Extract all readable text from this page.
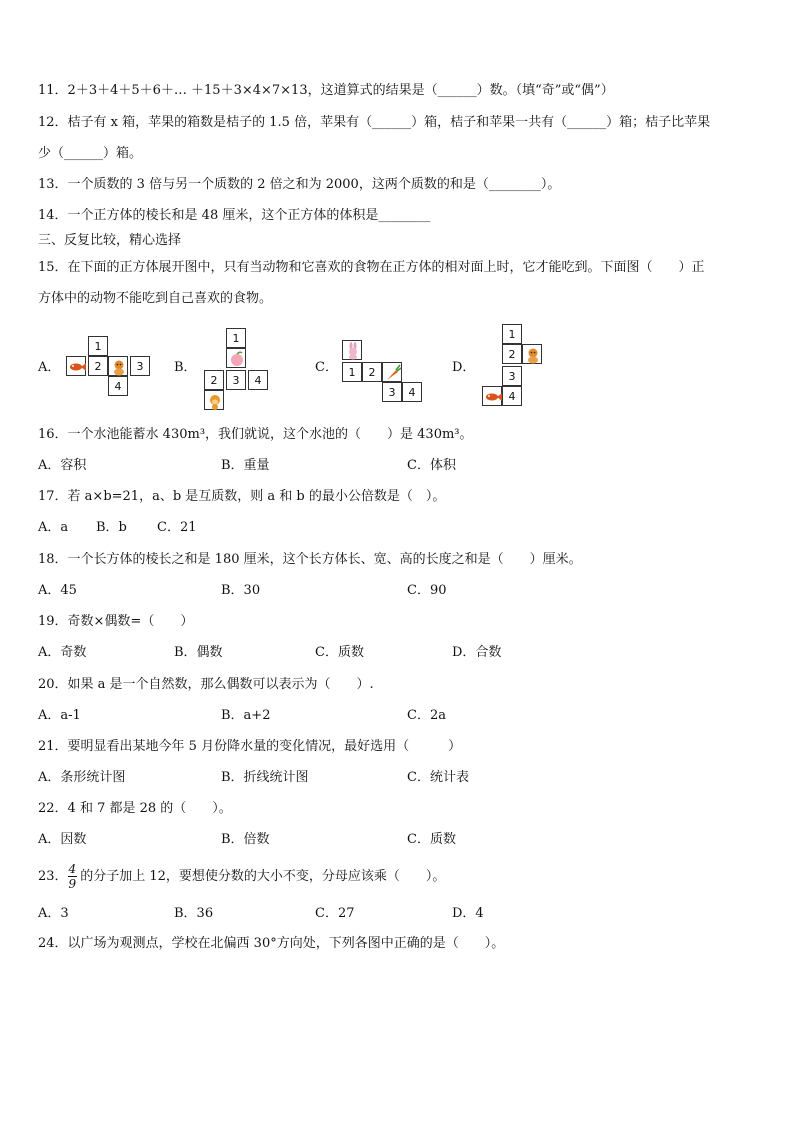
11．2＋3＋4＋5＋6＋… ＋15＋3×4×7×13，这道算式的结果是（______）数。（填“奇”或“偶”）
12．桔子有 x 箱，苹果的箱数是桔子的 1.5 倍，苹果有（______）箱，桔子和苹果一共有（______）箱；桔子比苹果
少（______）箱。
13．一个质数的 3 倍与另一个质数的 2 倍之和为 2000，这两个质数的和是（________）。
14．一个正方体的棱长和是 48 厘米，这个正方体的体积是________
三、反复比较，精心选择
15．在下面的正方体展开图中，只有当动物和它喜欢的食物在正方体的相对面上时，它才能吃到。下面图（　　）正
方体中的动物不能吃到自己喜欢的食物。
A．	B．	C．	D．
1
2	3
4
1
2	3	4
1	2
3	4
1
2
3
4
16．一个水池能蓄水 430m³，我们就说，这个水池的（　　）是 430m³。
A．容积	B．重量	C．体积
17．若 a×b=21，a、b 是互质数，则 a 和 b 的最小公倍数是（　）。
A．a B．b C．21
18．一个长方体的棱长之和是 180 厘米，这个长方体长、宽、高的长度之和是（　　）厘米。
A．45	B．30	C．90
19．奇数×偶数=（　　）
A．奇数	B．偶数	C．质数	D．合数
20．如果 a 是一个自然数，那么偶数可以表示为（　　）.
A．a-1	B．a+2	C．2a
21．要明显看出某地今年 5 月份降水量的变化情况，最好选用（　　　）
A．条形统计图	B．折线统计图	C．统计表
22．4 和 7 都是 28 的（　　）。
A．因数	B．倍数	C．质数
23． $\frac{4}{9}$ 的分子加上 12，要想使分数的大小不变，分母应该乘（　　）。
A．3	B．36	C．27	D．4
24．以广场为观测点，学校在北偏西 30°方向处，下列各图中正确的是（　　）。
